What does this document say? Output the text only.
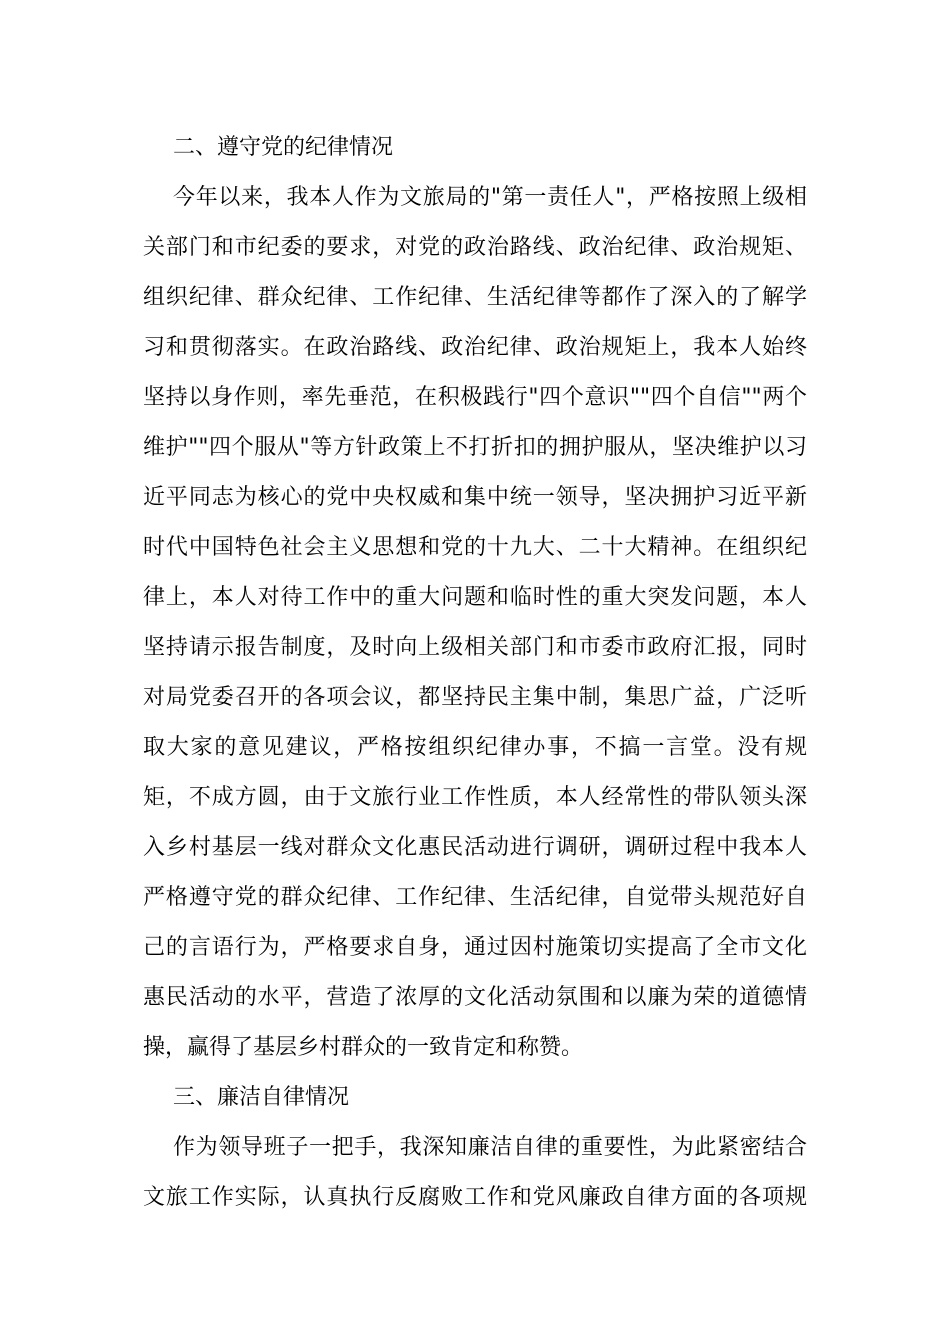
二、遵守党的纪律情况

今年以来，我本人作为文旅局的"第一责任人"，严格按照上级相
关部门和市纪委的要求，对党的政治路线、政治纪律、政治规矩、
组织纪律、群众纪律、工作纪律、生活纪律等都作了深入的了解学
习和贯彻落实。在政治路线、政治纪律、政治规矩上，我本人始终
坚持以身作则，率先垂范，在积极践行"四个意识""四个自信""两个
维护""四个服从"等方针政策上不打折扣的拥护服从，坚决维护以习
近平同志为核心的党中央权威和集中统一领导，坚决拥护习近平新
时代中国特色社会主义思想和党的十九大、二十大精神。在组织纪
律上，本人对待工作中的重大问题和临时性的重大突发问题，本人
坚持请示报告制度，及时向上级相关部门和市委市政府汇报，同时
对局党委召开的各项会议，都坚持民主集中制，集思广益，广泛听
取大家的意见建议，严格按组织纪律办事，不搞一言堂。没有规
矩，不成方圆，由于文旅行业工作性质，本人经常性的带队领头深
入乡村基层一线对群众文化惠民活动进行调研，调研过程中我本人
严格遵守党的群众纪律、工作纪律、生活纪律，自觉带头规范好自
己的言语行为，严格要求自身，通过因村施策切实提高了全市文化
惠民活动的水平，营造了浓厚的文化活动氛围和以廉为荣的道德情
操，赢得了基层乡村群众的一致肯定和称赞。

三、廉洁自律情况

作为领导班子一把手，我深知廉洁自律的重要性，为此紧密结合
文旅工作实际，认真执行反腐败工作和党风廉政自律方面的各项规
